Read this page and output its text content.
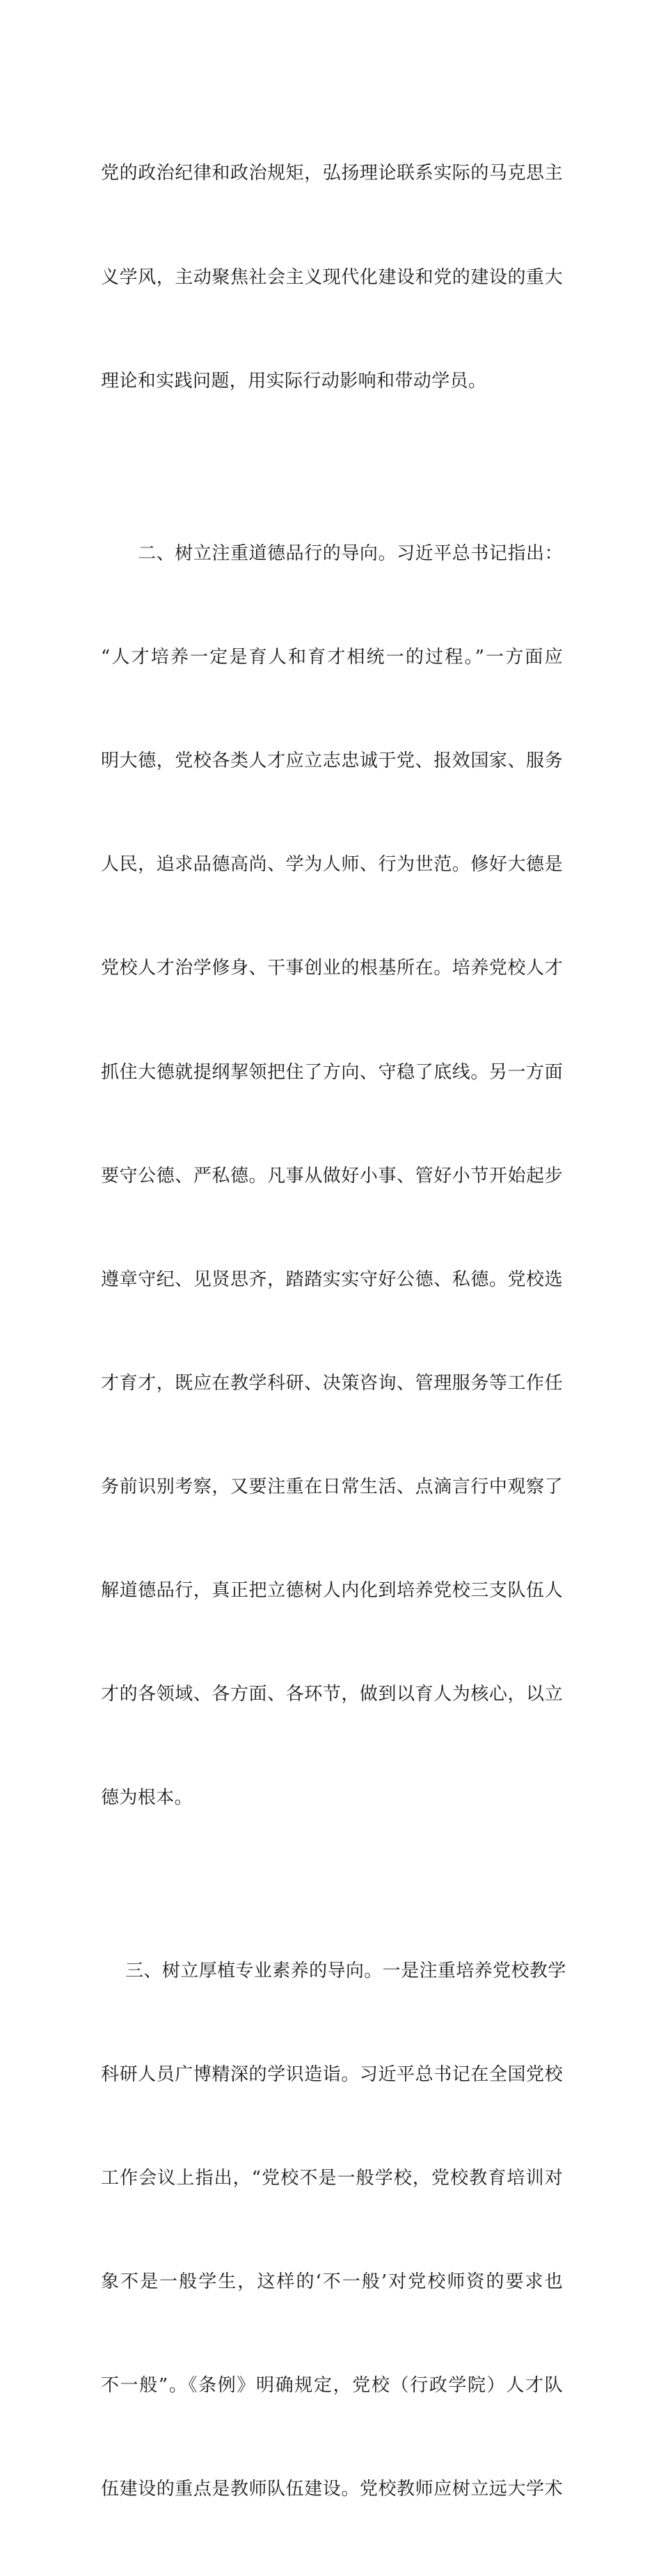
党的政治纪律和政治规矩，弘扬理论联系实际的马克思主

义学风，主动聚焦社会主义现代化建设和党的建设的重大

理论和实践问题，用实际行动影响和带动学员。

　　二、树立注重道德品行的导向。习近平总书记指出：

“人才培养一定是育人和育才相统一的过程。”一方面应

明大德，党校各类人才应立志忠诚于党、报效国家、服务

人民，追求品德高尚、学为人师、行为世范。修好大德是

党校人才治学修身、干事创业的根基所在。培养党校人才

抓住大德就提纲挈领把住了方向、守稳了底线。另一方面

要守公德、严私德。凡事从做好小事、管好小节开始起步

遵章守纪、见贤思齐，踏踏实实守好公德、私德。党校选

才育才，既应在教学科研、决策咨询、管理服务等工作任

务前识别考察，又要注重在日常生活、点滴言行中观察了

解道德品行，真正把立德树人内化到培养党校三支队伍人

才的各领域、各方面、各环节，做到以育人为核心，以立

德为根本。

　 三、树立厚植专业素养的导向。一是注重培养党校教学

科研人员广博精深的学识造诣。习近平总书记在全国党校

工作会议上指出，“党校不是一般学校，党校教育培训对

象不是一般学生，这样的‘不一般’对党校师资的要求也

不一般”。《条例》明确规定，党校（行政学院）人才队

伍建设的重点是教师队伍建设。党校教师应树立远大学术
